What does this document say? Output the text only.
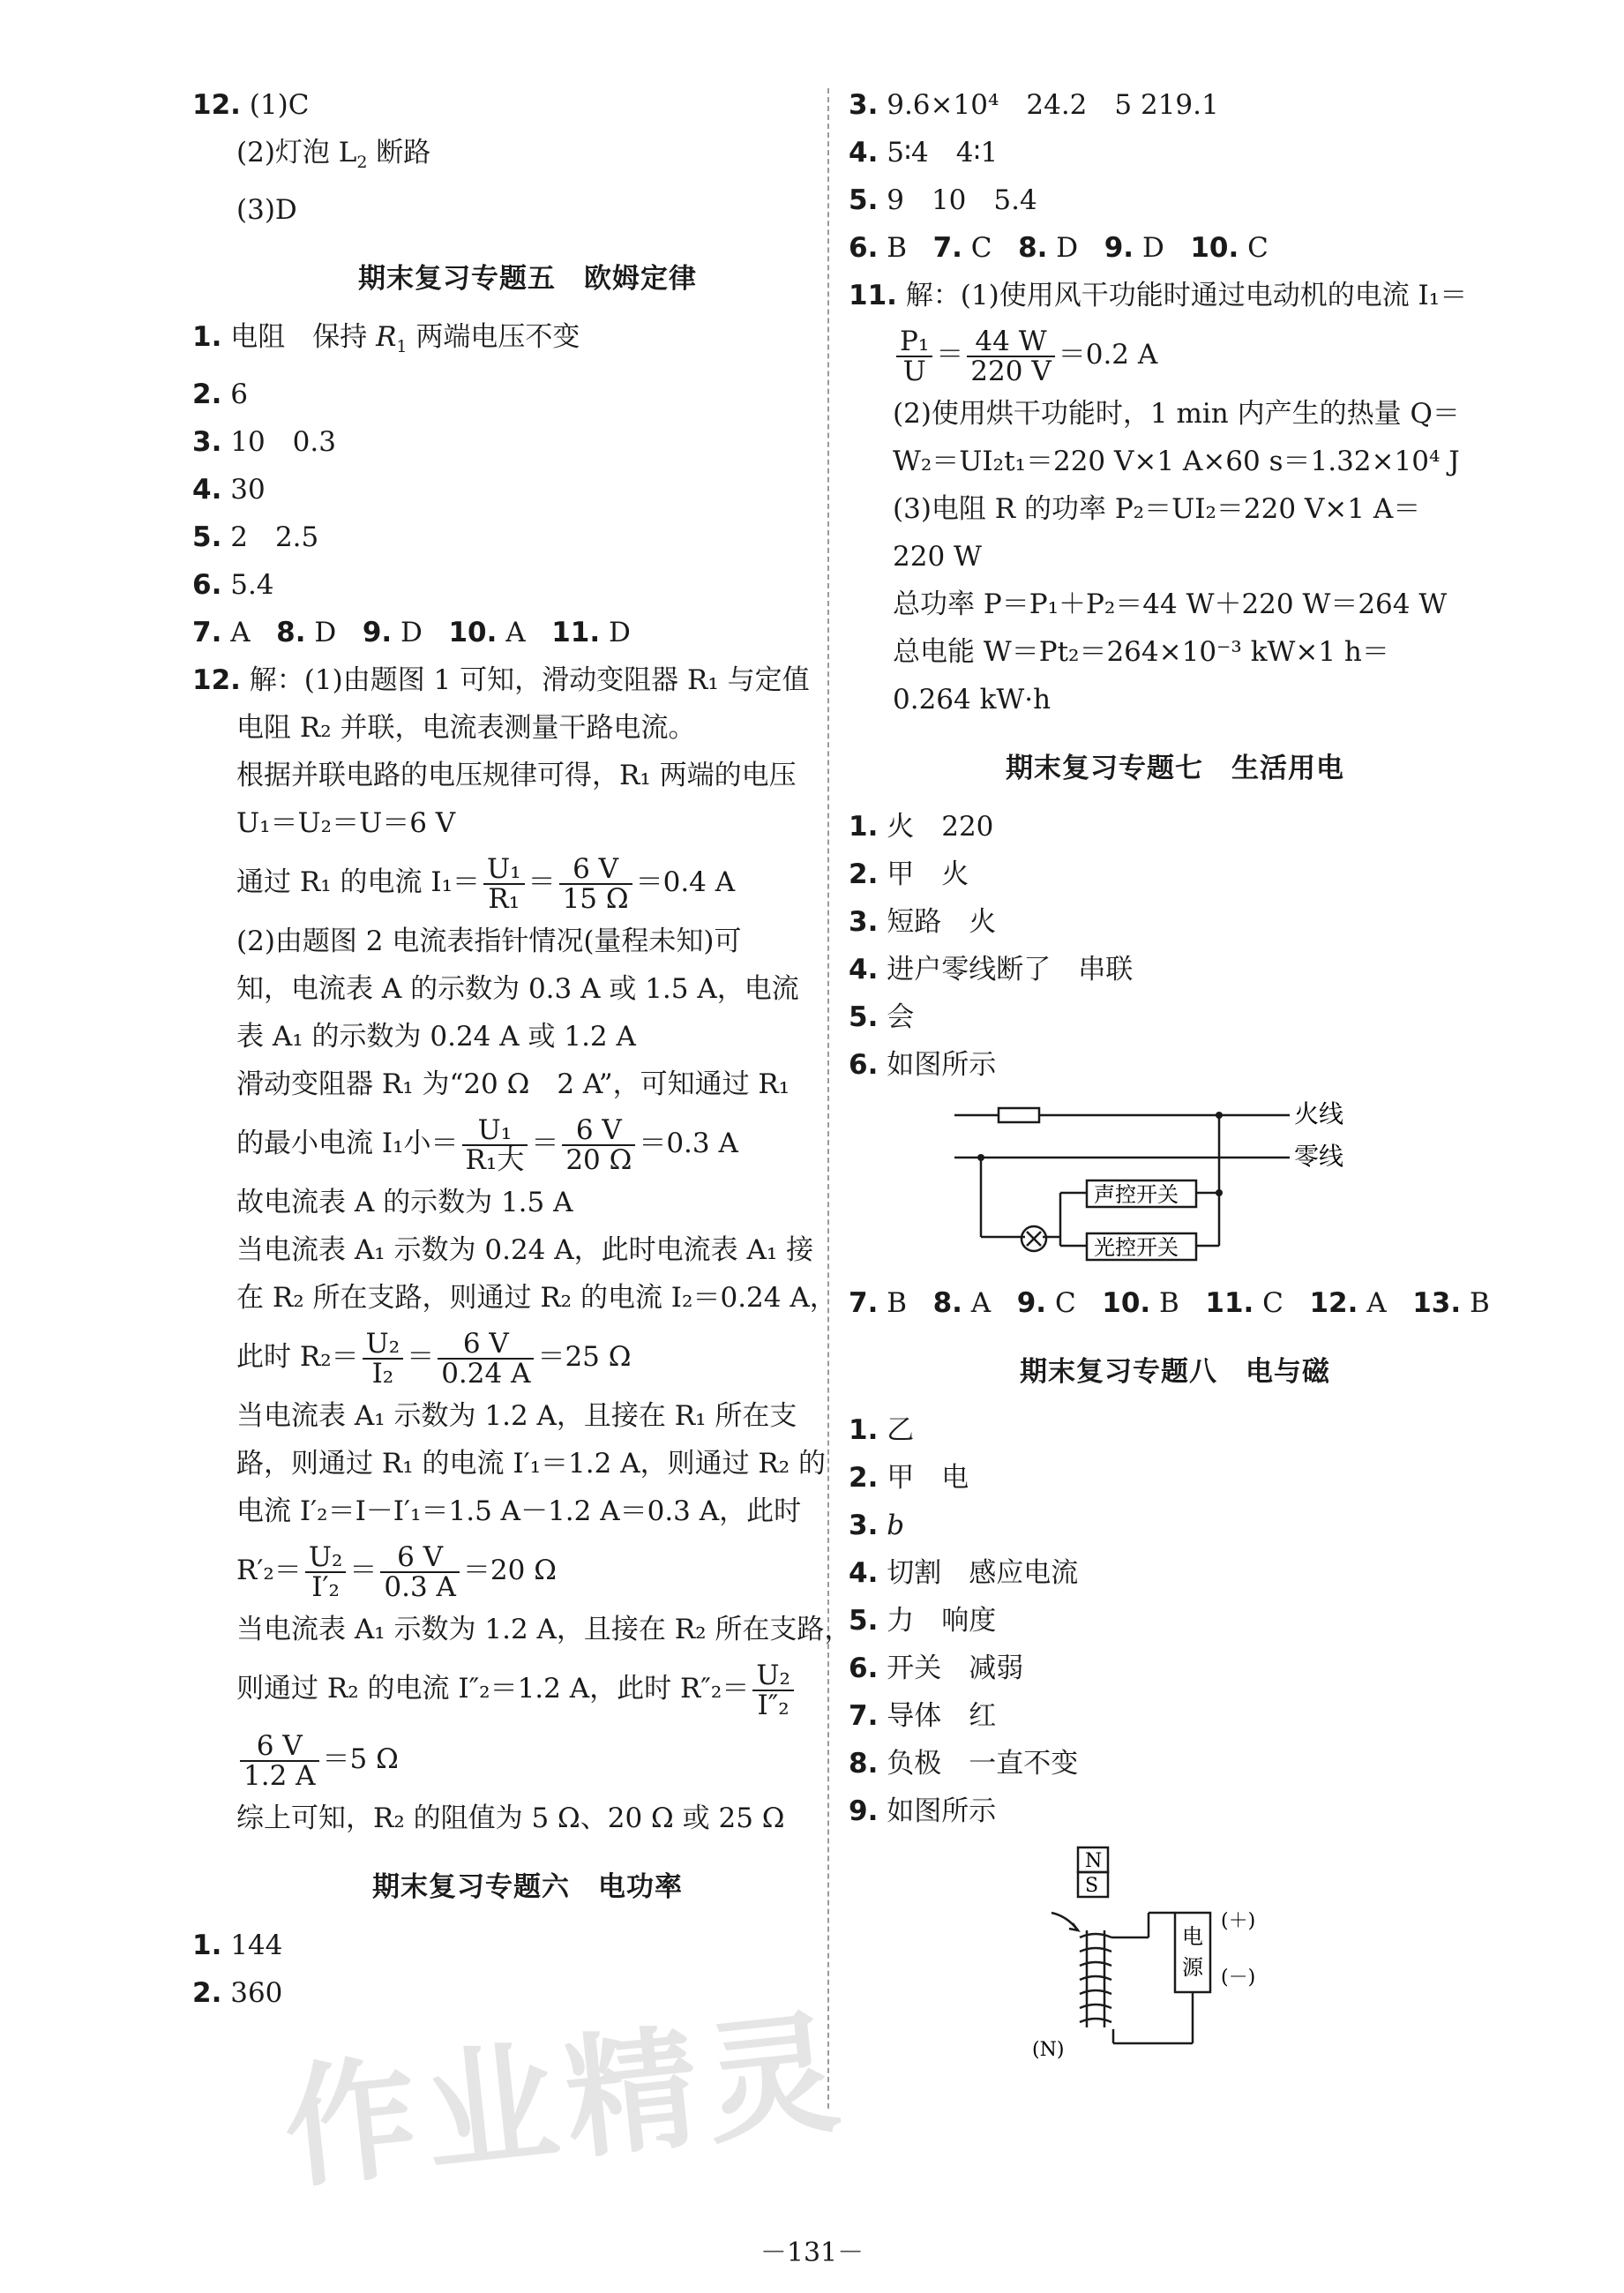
12. (1)C
(2)灯泡 $L_2$ 断路
(3)D
期末复习专题五　欧姆定律
1. 电阻　保持 $R_1$ 两端电压不变
2. 6
3. 10　0.3
4. 30
5. 2　2.5
6. 5.4
7. A 8. D 9. D 10. A 11. D
12. 解：(1)由题图 1 可知，滑动变阻器 R₁ 与定值
电阻 R₂ 并联，电流表测量干路电流。
根据并联电路的电压规律可得，R₁ 两端的电压
U₁＝U₂＝U＝6 V
通过 R₁ 的电流 $I_1= \frac{\text{U₁}}{\text{R₁}} = \frac{6 V}{15 \Omega} =0.4$ A
(2)由题图 2 电流表指针情况(量程未知)可
知，电流表 A 的示数为 0.3 A 或 1.5 A，电流
表 A₁ 的示数为 0.24 A 或 1.2 A
滑动变阻器 R₁ 为“20 Ω　2 A”，可知通过 R₁
的最小电流 I₁小＝ $\frac{\text{U₁}}{\text{R₁大}} = \frac{6 V}{20 \Omega} =0.3$ A
故电流表 A 的示数为 1.5 A
当电流表 A₁ 示数为 0.24 A，此时电流表 A₁ 接
在 R₂ 所在支路，则通过 R₂ 的电流 I₂＝0.24 A，
此时 $R_2= \frac{\text{U₂}}{\text{I₂}} = \frac{6 V}{0.24 A} =25$ Ω
当电流表 A₁ 示数为 1.2 A，且接在 R₁ 所在支
路，则通过 R₁ 的电流 I′₁＝1.2 A，则通过 R₂ 的
电流 I′₂＝I－I′₁＝1.5 A－1.2 A＝0.3 A，此时
$R'_2= \frac{\text{U₂}}{\text{I′₂}} = \frac{6 V}{0.3 A} =20$ Ω
当电流表 A₁ 示数为 1.2 A，且接在 R₂ 所在支路，
则通过 R₂ 的电流 I″₂＝1.2 A，此时 $R''_2= \frac{\text{U₂}}{\text{I″₂}}$
$\frac{6 V}{1.2 A} =5$ Ω
综上可知，R₂ 的阻值为 5 Ω、20 Ω 或 25 Ω
期末复习专题六　电功率
1. 144
2. 360
3. 9.6×10⁴　24.2　5 219.1
4. 5∶4　4∶1
5. 9　10　5.4
6. B 7. C 8. D 9. D 10. C
11. 解：(1)使用风干功能时通过电动机的电流 I₁＝
$\frac{\text{P₁}}{U} = \frac{44 W}{220 V} =0.2$ A
(2)使用烘干功能时，1 min 内产生的热量 Q＝
W₂＝UI₂t₁＝220 V×1 A×60 s＝1.32×10⁴ J
(3)电阻 R 的功率 P₂＝UI₂＝220 V×1 A＝
220 W
总功率 P＝P₁＋P₂＝44 W＋220 W＝264 W
总电能 W＝Pt₂＝264×10⁻³ kW×1 h＝
0.264 kW·h
期末复习专题七　生活用电
1. 火　220
2. 甲　火
3. 短路　火
4. 进户零线断了　串联
5. 会
6. 如图所示
火线
零线
声控开关
光控开关
7. B 8. A 9. C 10. B 11. C 12. A 13. B
期末复习专题八　电与磁
1. 乙
2. 甲　电
3. b
4. 切割　感应电流
5. 力　响度
6. 开关　减弱
7. 导体　红
8. 负极　一直不变
9. 如图所示
N
S
电
源
(＋)
(－)
(N)
作业精灵
－131－
